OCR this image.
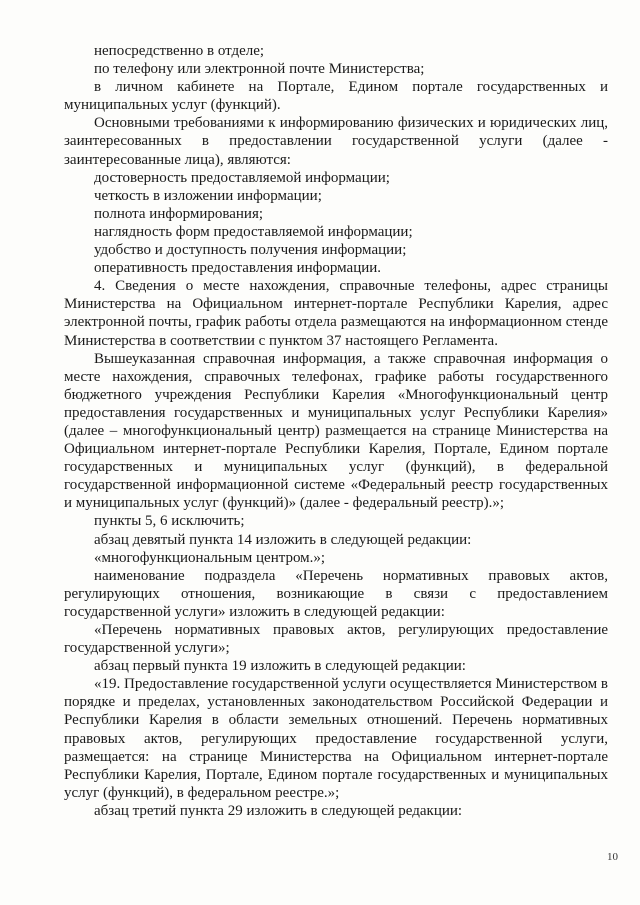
непосредственно в отделе;

по телефону или электронной почте Министерства;

в личном кабинете на Портале, Едином портале государственных и муниципальных услуг (функций).

Основными требованиями к информированию физических и юридических лиц, заинтересованных в предоставлении государственной услуги (далее - заинтересованные лица), являются:

достоверность предоставляемой информации;

четкость в изложении информации;

полнота информирования;

наглядность форм предоставляемой информации;

удобство и доступность получения информации;

оперативность предоставления информации.

4. Сведения о месте нахождения, справочные телефоны, адрес страницы Министерства на Официальном интернет-портале Республики Карелия, адрес электронной почты, график работы отдела размещаются на информационном стенде Министерства в соответствии с пунктом 37 настоящего Регламента.

Вышеуказанная справочная информация, а также справочная информация о месте нахождения, справочных телефонах, графике работы государственного бюджетного учреждения Республики Карелия «Многофункциональный центр предоставления государственных и муниципальных услуг Республики Карелия» (далее – многофункциональный центр) размещается на странице Министерства на Официальном интернет-портале Республики Карелия, Портале, Едином портале государственных и муниципальных услуг (функций), в федеральной государственной информационной системе «Федеральный реестр государственных и муниципальных услуг (функций)» (далее - федеральный реестр).»;

пункты 5, 6 исключить;

абзац девятый пункта 14 изложить в следующей редакции:

«многофункциональным центром.»;

наименование подраздела «Перечень нормативных правовых актов, регулирующих отношения, возникающие в связи с предоставлением государственной услуги» изложить в следующей редакции:

«Перечень нормативных правовых актов, регулирующих предоставление государственной услуги»;

абзац первый пункта 19 изложить в следующей редакции:

«19. Предоставление государственной услуги осуществляется Министерством в порядке и пределах, установленных законодательством Российской Федерации и Республики Карелия в области земельных отношений. Перечень нормативных правовых актов, регулирующих предоставление государственной услуги, размещается: на странице Министерства на Официальном интернет-портале Республики Карелия, Портале, Едином портале государственных и муниципальных услуг (функций), в федеральном реестре.»;

абзац третий пункта 29 изложить в следующей редакции:

10
